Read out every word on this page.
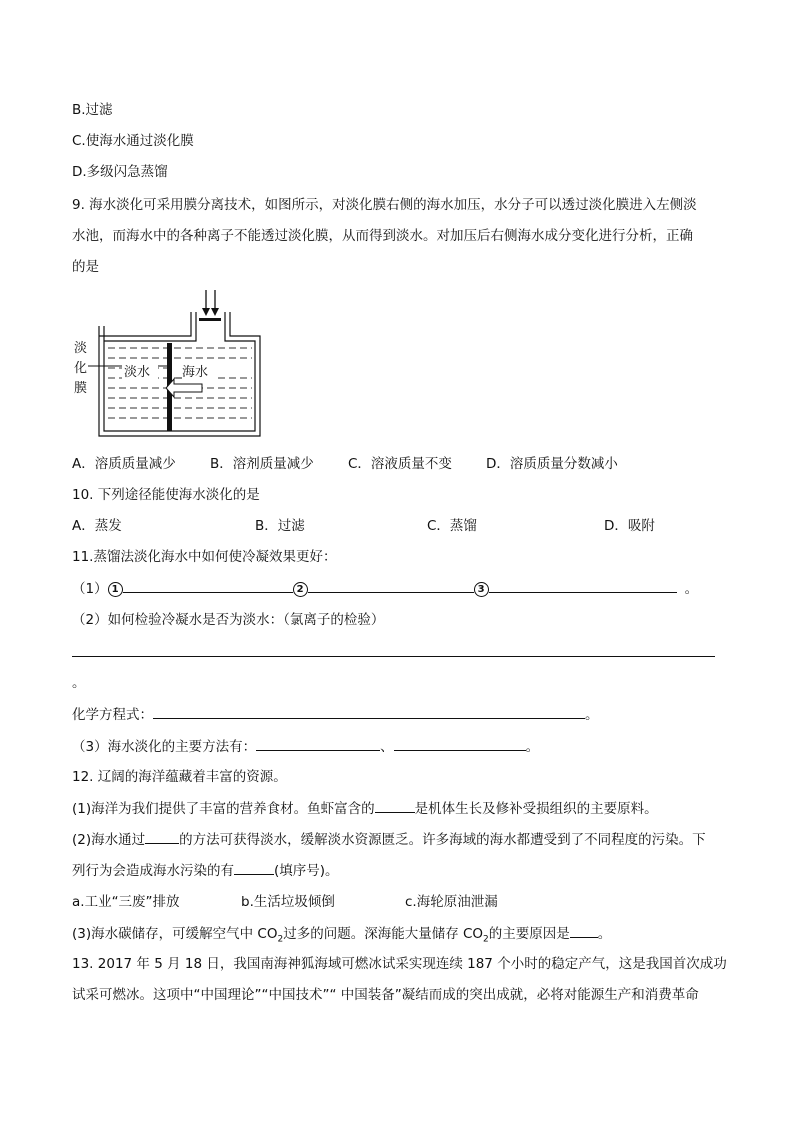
B.过滤
C.使海水通过淡化膜
D.多级闪急蒸馏
9. 海水淡化可采用膜分离技术，如图所示，对淡化膜右侧的海水加压，水分子可以透过淡化膜进入左侧淡
水池，而海水中的各种离子不能透过淡化膜，从而得到淡水。对加压后右侧海水成分变化进行分析，正确
的是
淡
化
膜
淡水 海水
A．溶质质量减少	B．溶剂质量减少	C．溶液质量不变	D．溶质质量分数减小
10. 下列途径能使海水淡化的是
A．蒸发	B．过滤	C．蒸馏	D．吸附
11.蒸馏法淡化海水中如何使冷凝效果更好：
（1） 1	2	3	。
（2）如何检验冷凝水是否为淡水：（氯离子的检验）
。
化学方程式：	。
（3）海水淡化的主要方法有：	、	。
12. 辽阔的海洋蕴藏着丰富的资源。
(1)海洋为我们提供了丰富的营养食材。鱼虾富含的	是机体生长及修补受损组织的主要原料。
(2)海水通过	的方法可获得淡水，缓解淡水资源匮乏。许多海域的海水都遭受到了不同程度的污染。下
列行为会造成海水污染的有	(填序号)。
a.工业“三废”排放	b.生活垃圾倾倒	c.海轮原油泄漏
(3)海水碳储存，可缓解空气中 $CO_2$过多的问题。深海能大量储存 $CO_2$的主要原因是 。
13. 2017 年 5 月 18 日，我国南海神狐海域可燃冰试采实现连续 187 个小时的稳定产气，这是我国首次成功
试采可燃冰。这项中“中国理论”“中国技术”“ 中国装备”凝结而成的突出成就，必将对能源生产和消费革命
